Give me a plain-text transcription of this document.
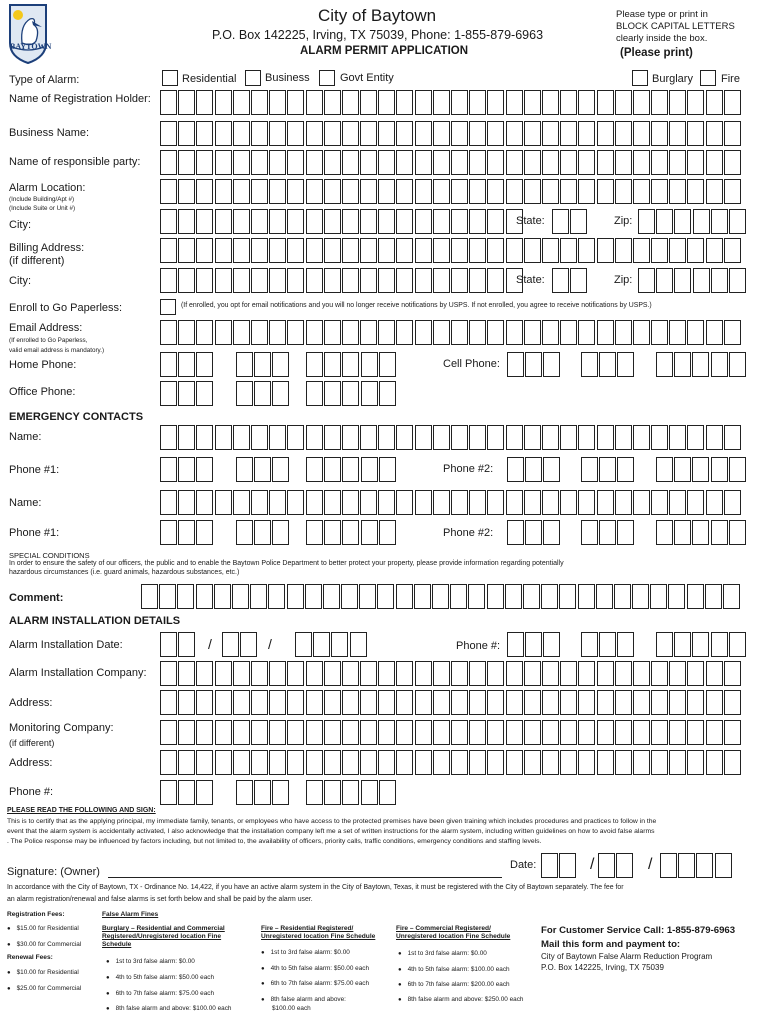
BAYTOWN
City of Baytown
P.O. Box 142225, Irving, TX 75039, Phone: 1-855-879-6963
ALARM PERMIT APPLICATION
Please type or print in
BLOCK CAPITAL LETTERS
clearly inside the box.
(Please print)
Type of Alarm:	Residential	Business	Govt Entity	Burglary	Fire
Name of Registration Holder:
Business Name:
Name of responsible party:
Alarm Location:
(Include Building/Apt #)
(Include Suite or Unit #)
City:	State:	Zip:
Billing Address:
(if different)
City:	State:	Zip:
Enroll to Go Paperless:	(If enrolled, you opt for email notifications and you will no longer receive notifications by USPS. If not enrolled, you agree to receive notifications by USPS.)
Email Address:
(If enrolled to Go Paperless,
valid email address is mandatory.)
Home Phone:	Cell Phone:
Office Phone:
EMERGENCY CONTACTS
Name:
Phone #1:	Phone #2:
Name:
Phone #1:	Phone #2:
SPECIAL CONDITIONS
In order to ensure the safety of our officers, the public and to enable the Baytown Police Department to better protect your property, please provide information regarding potentially
hazardous circumstances (i.e. guard animals, hazardous substances, etc.)
Comment:
ALARM INSTALLATION DETAILS
Alarm Installation Date:	/	/	Phone #:
Alarm Installation Company:
Address:
Monitoring Company:
(if different)
Address:
Phone #:
PLEASE READ THE FOLLOWING AND SIGN:
This is to certify that as the applying principal, my immediate family, tenants, or employees who have access to the protected premises have been given training which includes procedures and practices to follow in the
event that the alarm system is accidentally activated, I also acknowledge that the installation company left me a set of written instructions for the alarm system, including written guidelines on how to avoid false alarms
. The Police response may be influenced by factors including, but not limited to, the availability of officers, priority calls, traffic conditions, emergency conditions and staffing levels.
Signature: (Owner)
Date:	/	/
In accordance with the City of Baytown, TX - Ordinance No. 14,422, if you have an active alarm system in the City of Baytown, Texas, it must be registered with the City of Baytown separately. The fee for
an alarm registration/renewal and false alarms is set forth below and shall be paid by the alarm user.
Registration Fees:
● $15.00 for Residential
● $30.00 for Commercial
Renewal Fees:
● $10.00 for Residential
● $25.00 for Commercial
False Alarm Fines
Burglary – Residential and Commercial
Registered/Unregistered location Fine
Schedule
● 1st to 3rd false alarm: $0.00
● 4th to 5th false alarm: $50.00 each
● 6th to 7th false alarm: $75.00 each
● 8th false alarm and above: $100.00 each
Fire – Residential Registered/
Unregistered location Fine Schedule
● 1st to 3rd false alarm: $0.00
● 4th to 5th false alarm: $50.00 each
● 6th to 7th false alarm: $75.00 each
● 8th false alarm and above:
$100.00 each
Fire – Commercial Registered/
Unregistered location Fine Schedule
● 1st to 3rd false alarm: $0.00
● 4th to 5th false alarm: $100.00 each
● 6th to 7th false alarm: $200.00 each
● 8th false alarm and above: $250.00 each
For Customer Service Call: 1-855-879-6963
Mail this form and payment to:
City of Baytown False Alarm Reduction Program
P.O. Box 142225, Irving, TX 75039
